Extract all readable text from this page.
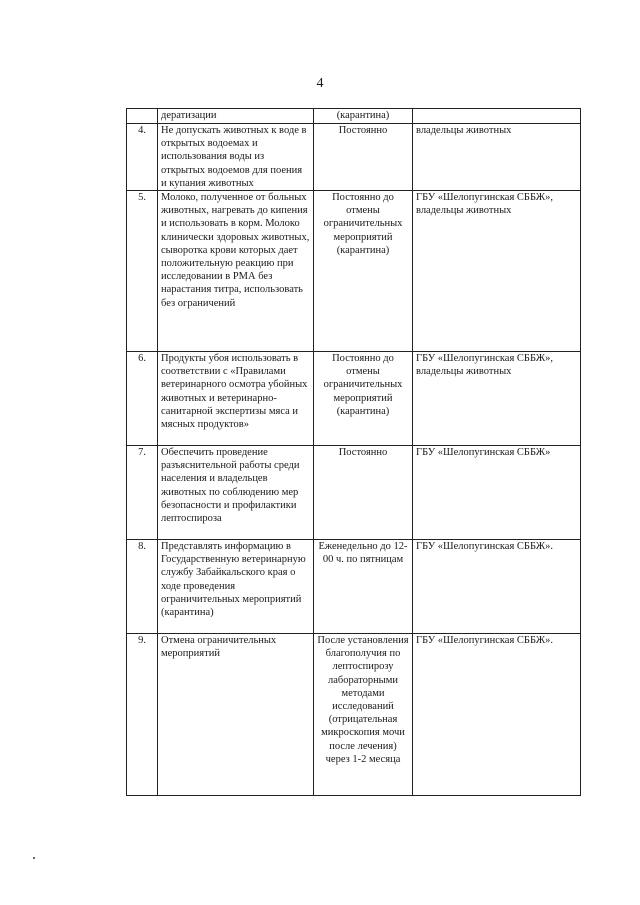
4
	дератизации	(карантина)	
4.	Не допускать животных к воде в открытых водоемах и использования воды из открытых водоемов для поения и купания животных	Постоянно	владельцы животных
5.	Молоко, полученное от больных животных, нагревать до кипения и использовать в корм. Молоко клинически здоровых животных, сыворотка крови которых дает положительную реакцию при исследовании в РМА без нарастания титра, использовать без ограничений	Постоянно до отмены ограничительных мероприятий (карантина)	ГБУ «Шелопугинская СББЖ», владельцы животных
6.	Продукты убоя использовать в соответствии с «Правилами ветеринарного осмотра убойных животных и ветеринарно-санитарной экспертизы мяса и мясных продуктов»	Постоянно до отмены ограничительных мероприятий (карантина)	ГБУ «Шелопугинская СББЖ», владельцы животных
7.	Обеспечить проведение разъяснительной работы среди населения и владельцев животных по соблюдению мер безопасности и профилактики лептоспироза	Постоянно	ГБУ «Шелопугинская СББЖ»
8.	Представлять информацию в Государственную ветеринарную службу Забайкальского края о ходе проведения ограничительных мероприятий (карантина)	Еженедельно до 12-00 ч. по пятницам	ГБУ «Шелопугинская СББЖ».
9.	Отмена ограничительных мероприятий	После установления благополучия по лептоспирозу лабораторными методами исследований (отрицательная микроскопия мочи после лечения) через 1-2 месяца	ГБУ «Шелопугинская СББЖ».
